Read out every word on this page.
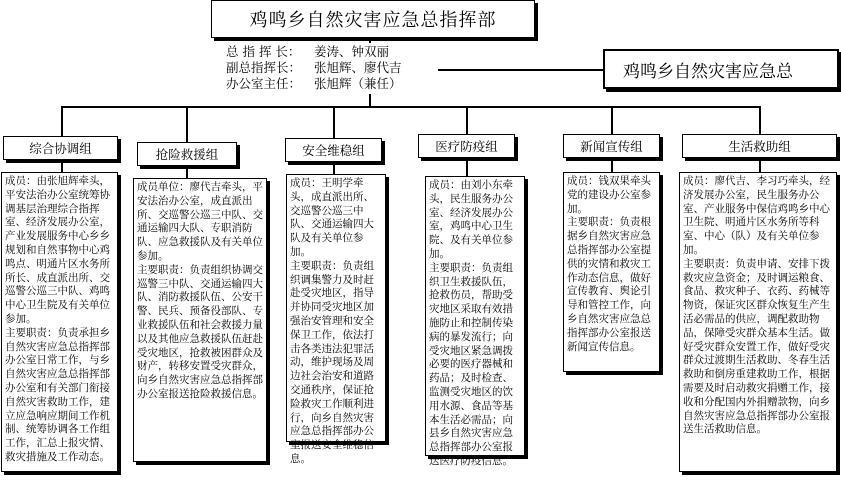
鸡鸣乡自然灾害应急总指挥部
总 指 挥 长：	姜涛、钟双丽
副总指挥长：	张旭辉、廖代吉
办公室主任：	张旭辉（兼任）
鸡鸣乡自然灾害应急总
综合协调组	抢险救援组	安全维稳组	医疗防疫组	新闻宣传组	生活救助组
成员：由张旭辉牵头，平安法治办公室统筹协调基层治理综合指挥室、经济发展办公室，产业发展服务中心乡乡规划和自然事物中心鸡鸣点、明通片区水务所所长、成直派出所、交巡警公巡三中队、鸡鸣中心卫生院及有关单位参加。
主要职责：负责承担乡自然灾害应急总指挥部办公室日常工作，与乡自然灾害应急总指挥部办公室和有关部门衔接自然灾害救助工作，建立应急响应期间工作机制、统筹协调各工作组工作，汇总上报灾情、救灾措施及工作动态。
成员单位：廖代吉牵头，平安法治办公室，成直派出所、交巡警公巡三中队、交通运输四大队、专职消防队、应急救援队及有关单位参加。
主要职责：负责组织协调交巡警三中队、交通运输四大队、消防救援队伍、公安干警、民兵、预备役部队、专业救援队伍和社会救援力量以及其他应急救援队伍赶赴受灾地区，抢救被困群众及财产，转移安置受灾群众，向乡自然灾害应急总指挥部办公室报送抢险救援信息。
成员：王明学牵头，成直派出所、交巡警公巡三中队、交通运输四大队及有关单位参加。
主要职责：负责组织调集警力及时赶赴受灾地区，指导并协同受灾地区加强治安管理和安全保卫工作，依法打击各类违法犯罪活动，维护现场及周边社会治安和道路交通秩序，保证抢险救灾工作顺利进行，向乡自然灾害应急总指挥部办公室报送安全维稳信息。
成员：由刘小东牵头，民生服务办公室、经济发展办公室，鸡鸣中心卫生院、及有关单位参加。
主要职责：负责组织卫生救援队伍，抢救伤员，帮助受灾地区采取有效措施防止和控制传染病的暴发流行；向受灾地区紧急调拨必要的医疗器械和药品；及时检查、监测受灾地区的饮用水源、食品等基本生活必需品；向县乡自然灾害应急总指挥部办公室报送医疗防疫信息。
成员：钱双果牵头党的建设办公室参加。
主要职责：负责根据乡自然灾害应急总指挥部办公室提供的灾情和救灾工作动态信息，做好宣传教育、舆论引导和管控工作，向乡自然灾害应急总指挥部办公室报送新闻宣传信息。
成员：廖代吉、李习巧牵头，经济发展办公室，民生服务办公室、产业服务中保信鸡鸣乡中心卫生院、明通片区水务所等科室、中心（队）及有关单位参加。
主要职责：负责申请、安排下拨救灾应急资金；及时调运粮食、食品、救灾种子、衣药、药械等物资，保证灾区群众恢复生产生活必需品的供应，调配救助物品，保障受灾群众基本生活。做好受灾群众安置工作，做好受灾群众过渡期生活救助、冬春生活救助和倒房重建救助工作，根据需要及时启动救灾捐赠工作，接收和分配国内外捐赠款物，向乡自然灾害应急总指挥部办公室报送生活救助信息。
